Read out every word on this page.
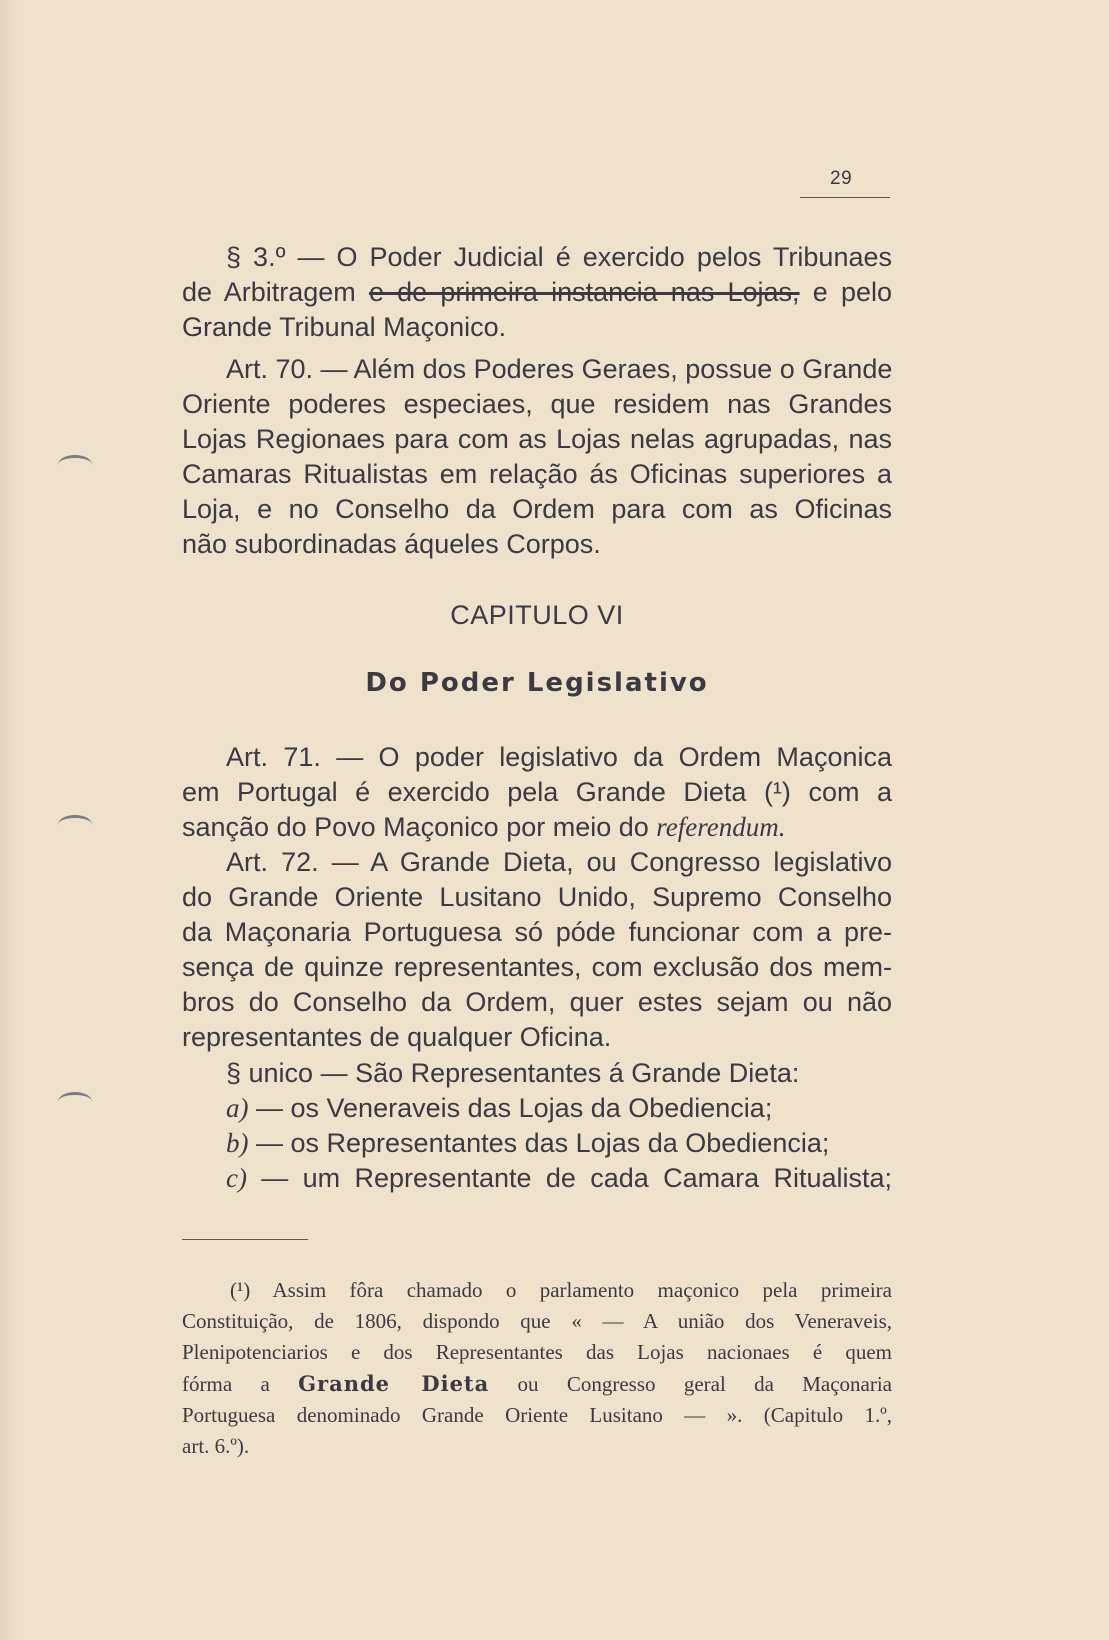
29
§ 3.º — O Poder Judicial é exercido pelos Tribunaes
de Arbitragem e de primeira instancia nas Lojas, e pelo
Grande Tribunal Maçonico.
Art. 70. — Além dos Poderes Geraes, possue o Grande
Oriente poderes especiaes, que residem nas Grandes
Lojas Regionaes para com as Lojas nelas agrupadas, nas
Camaras Ritualistas em relação ás Oficinas superiores a
Loja, e no Conselho da Ordem para com as Oficinas
não subordinadas áqueles Corpos.
CAPITULO VI
Do Poder Legislativo
Art. 71. — O poder legislativo da Ordem Maçonica
em Portugal é exercido pela Grande Dieta (¹) com a
sanção do Povo Maçonico por meio do referendum.
Art. 72. — A Grande Dieta, ou Congresso legislativo
do Grande Oriente Lusitano Unido, Supremo Conselho
da Maçonaria Portuguesa só póde funcionar com a pre-
sença de quinze representantes, com exclusão dos mem-
bros do Conselho da Ordem, quer estes sejam ou não
representantes de qualquer Oficina.
§ unico — São Representantes á Grande Dieta:
a) — os Veneraveis das Lojas da Obediencia;
b) — os Representantes das Lojas da Obediencia;
c) — um Representante de cada Camara Ritualista;
(¹) Assim fôra chamado o parlamento maçonico pela primeira
Constituição, de 1806, dispondo que « — A união dos Veneraveis,
Plenipotenciarios e dos Representantes das Lojas nacionaes é quem
fórma a Grande Dieta ou Congresso geral da Maçonaria
Portuguesa denominado Grande Oriente Lusitano — ». (Capitulo 1.º,
art. 6.º).
